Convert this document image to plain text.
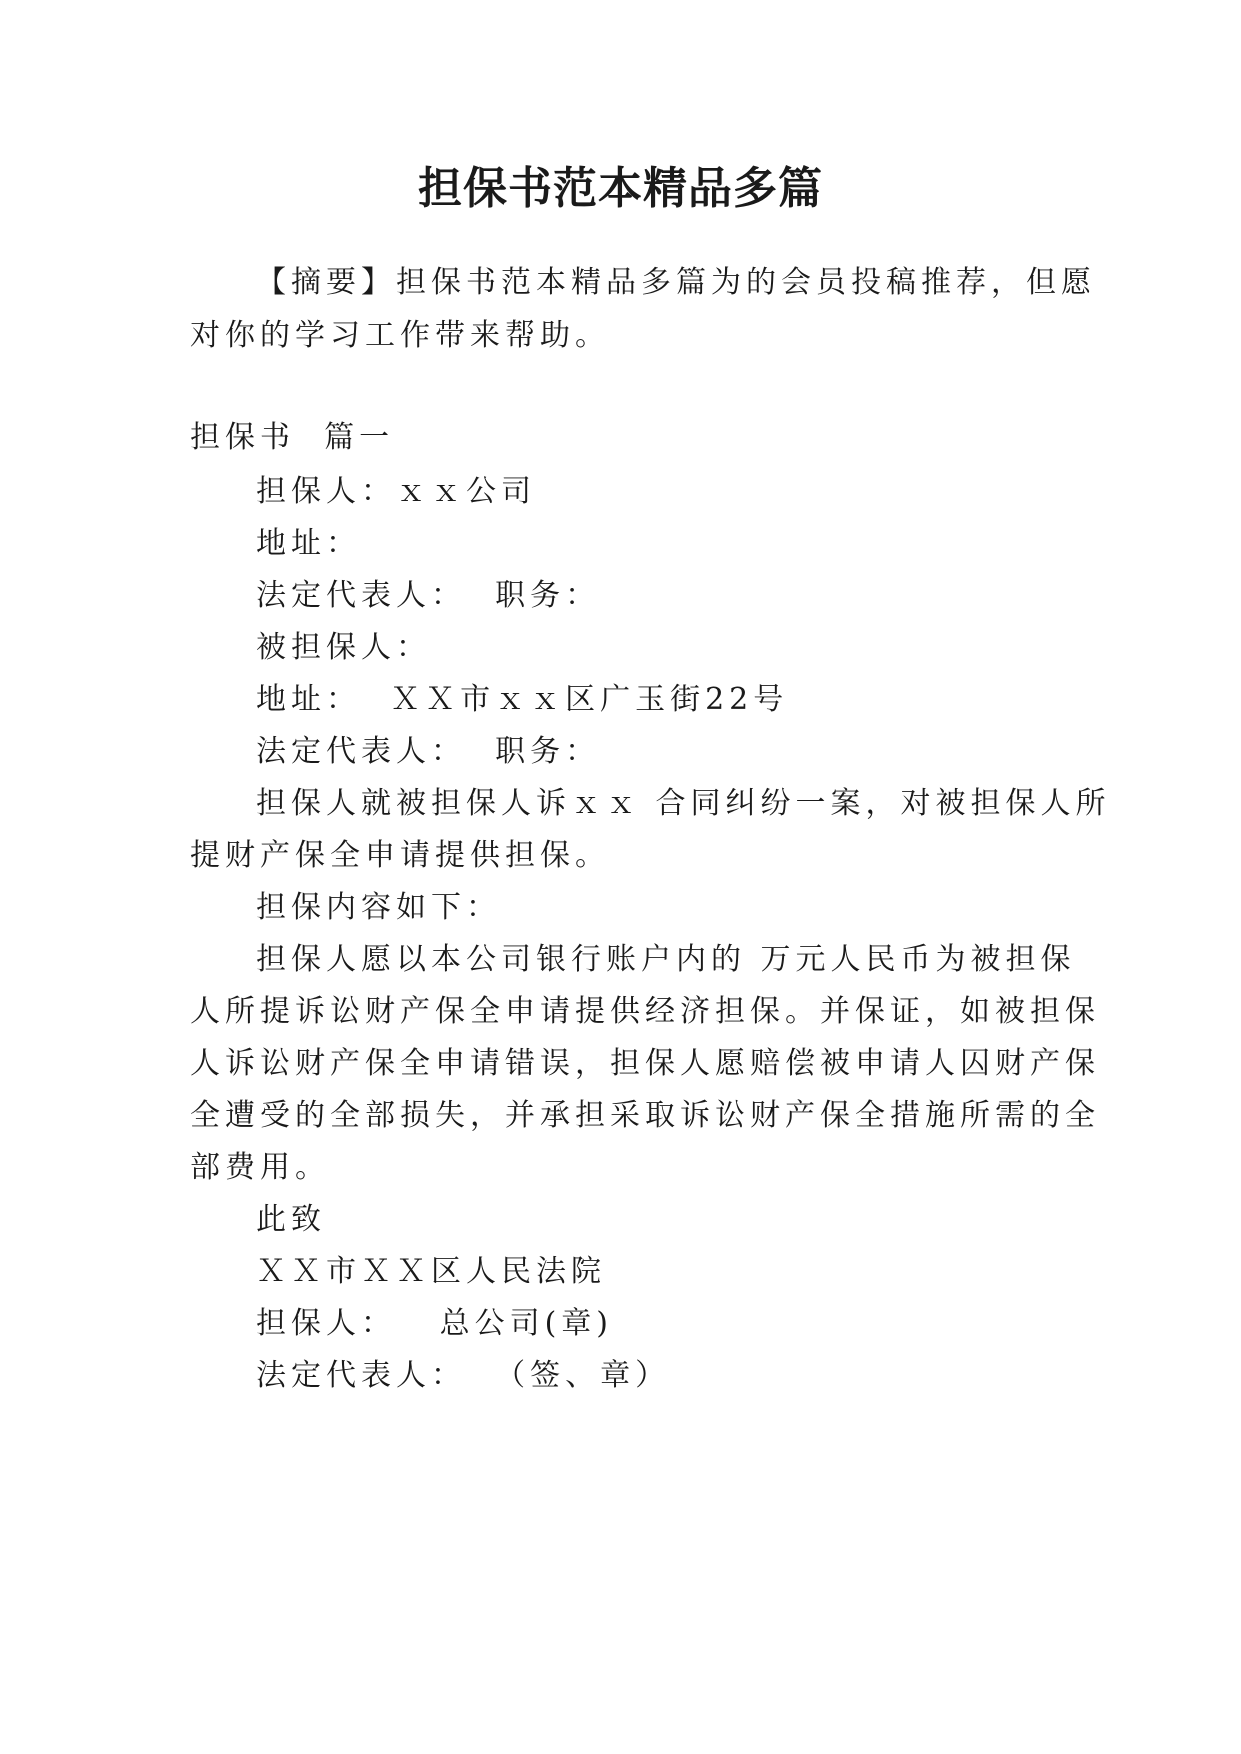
担保书范本精品多篇
【摘要】担保书范本精品多篇为的会员投稿推荐，但愿
对你的学习工作带来帮助。
担保书  篇一
担保人：ｘｘ公司
地址：
法定代表人：  职务：
被担保人：
地址：  ＸＸ市ｘｘ区广玉街22号
法定代表人：  职务：
担保人就被担保人诉ｘｘ 合同纠纷一案，对被担保人所
提财产保全申请提供担保。
担保内容如下：
担保人愿以本公司银行账户内的 万元人民币为被担保
人所提诉讼财产保全申请提供经济担保。并保证，如被担保
人诉讼财产保全申请错误，担保人愿赔偿被申请人囚财产保
全遭受的全部损失，并承担采取诉讼财产保全措施所需的全
部费用。
此致
ＸＸ市ＸＸ区人民法院
担保人：   总公司(章)
法定代表人：  （签、章）
